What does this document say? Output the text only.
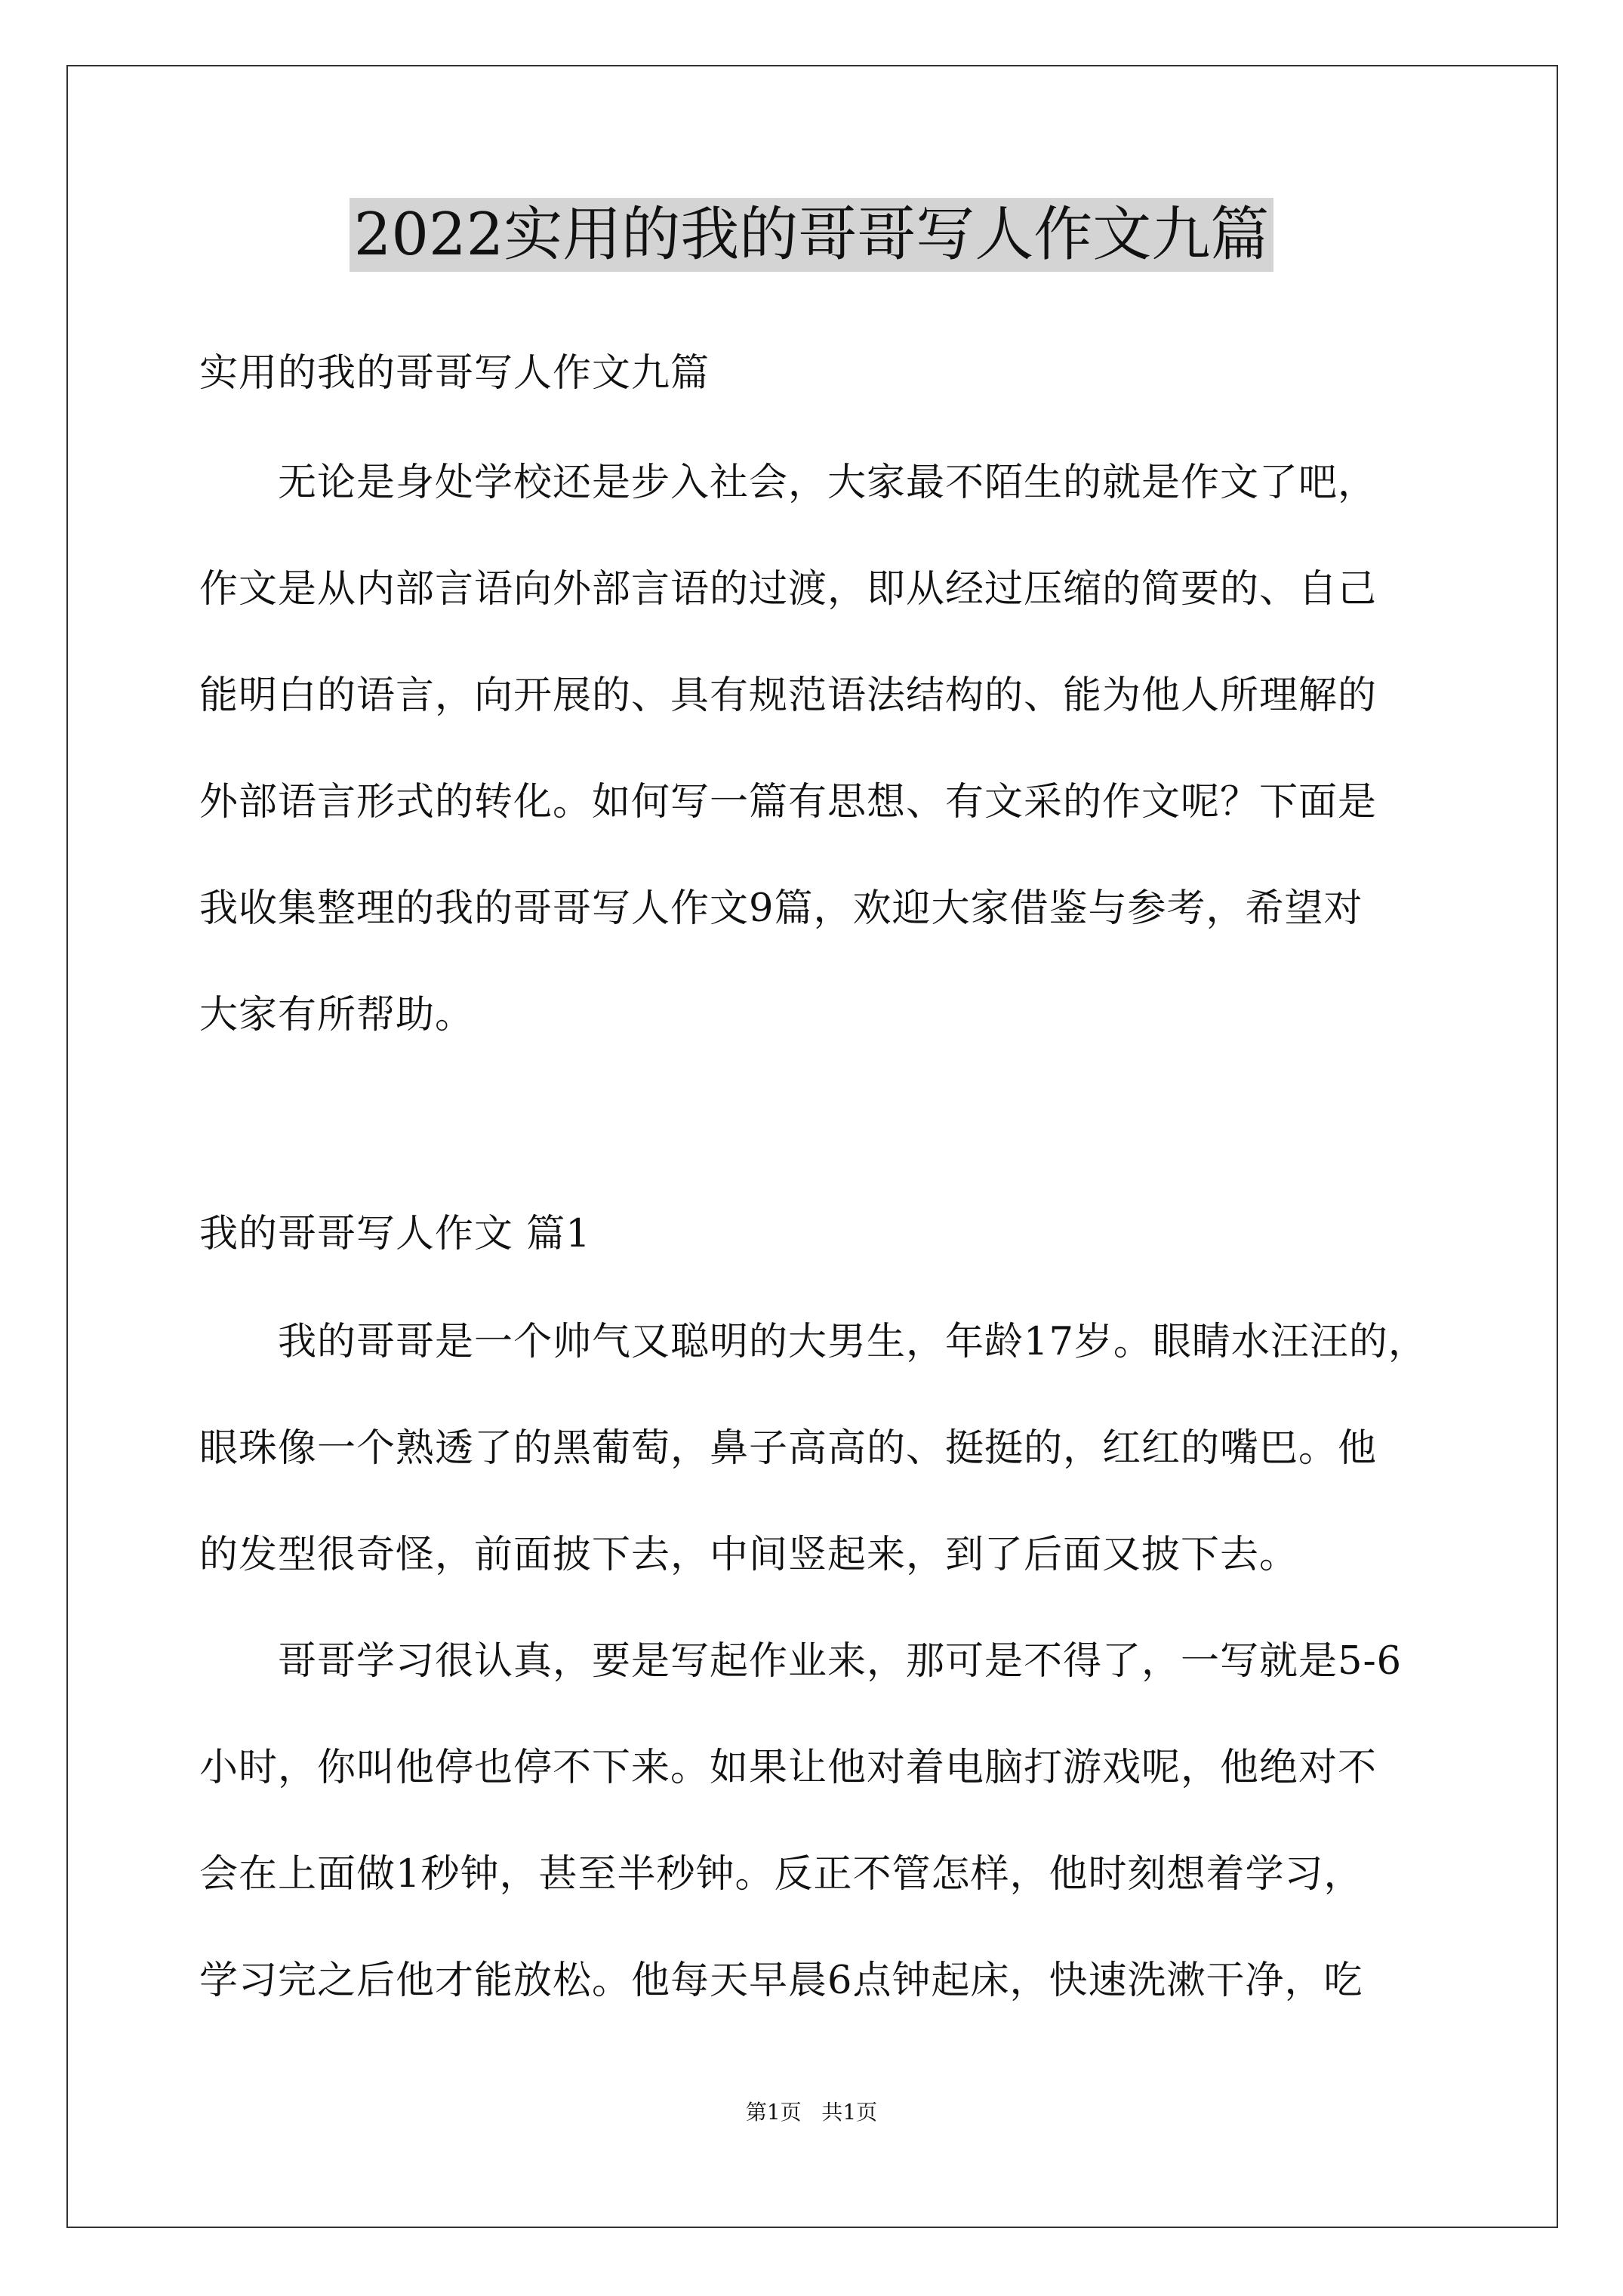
2022实用的我的哥哥写人作文九篇
实用的我的哥哥写人作文九篇
　　无论是身处学校还是步入社会，大家最不陌生的就是作文了吧，
作文是从内部言语向外部言语的过渡，即从经过压缩的简要的、自己
能明白的语言，向开展的、具有规范语法结构的、能为他人所理解的
外部语言形式的转化。如何写一篇有思想、有文采的作文呢？下面是
我收集整理的我的哥哥写人作文9篇，欢迎大家借鉴与参考，希望对
大家有所帮助。
我的哥哥写人作文 篇1
　　我的哥哥是一个帅气又聪明的大男生，年龄17岁。眼睛水汪汪的，
眼珠像一个熟透了的黑葡萄，鼻子高高的、挺挺的，红红的嘴巴。他
的发型很奇怪，前面披下去，中间竖起来，到了后面又披下去。
　　哥哥学习很认真，要是写起作业来，那可是不得了，一写就是5-6
小时，你叫他停也停不下来。如果让他对着电脑打游戏呢，他绝对不
会在上面做1秒钟，甚至半秒钟。反正不管怎样，他时刻想着学习，
学习完之后他才能放松。他每天早晨6点钟起床，快速洗漱干净，吃
第1页   共1页
